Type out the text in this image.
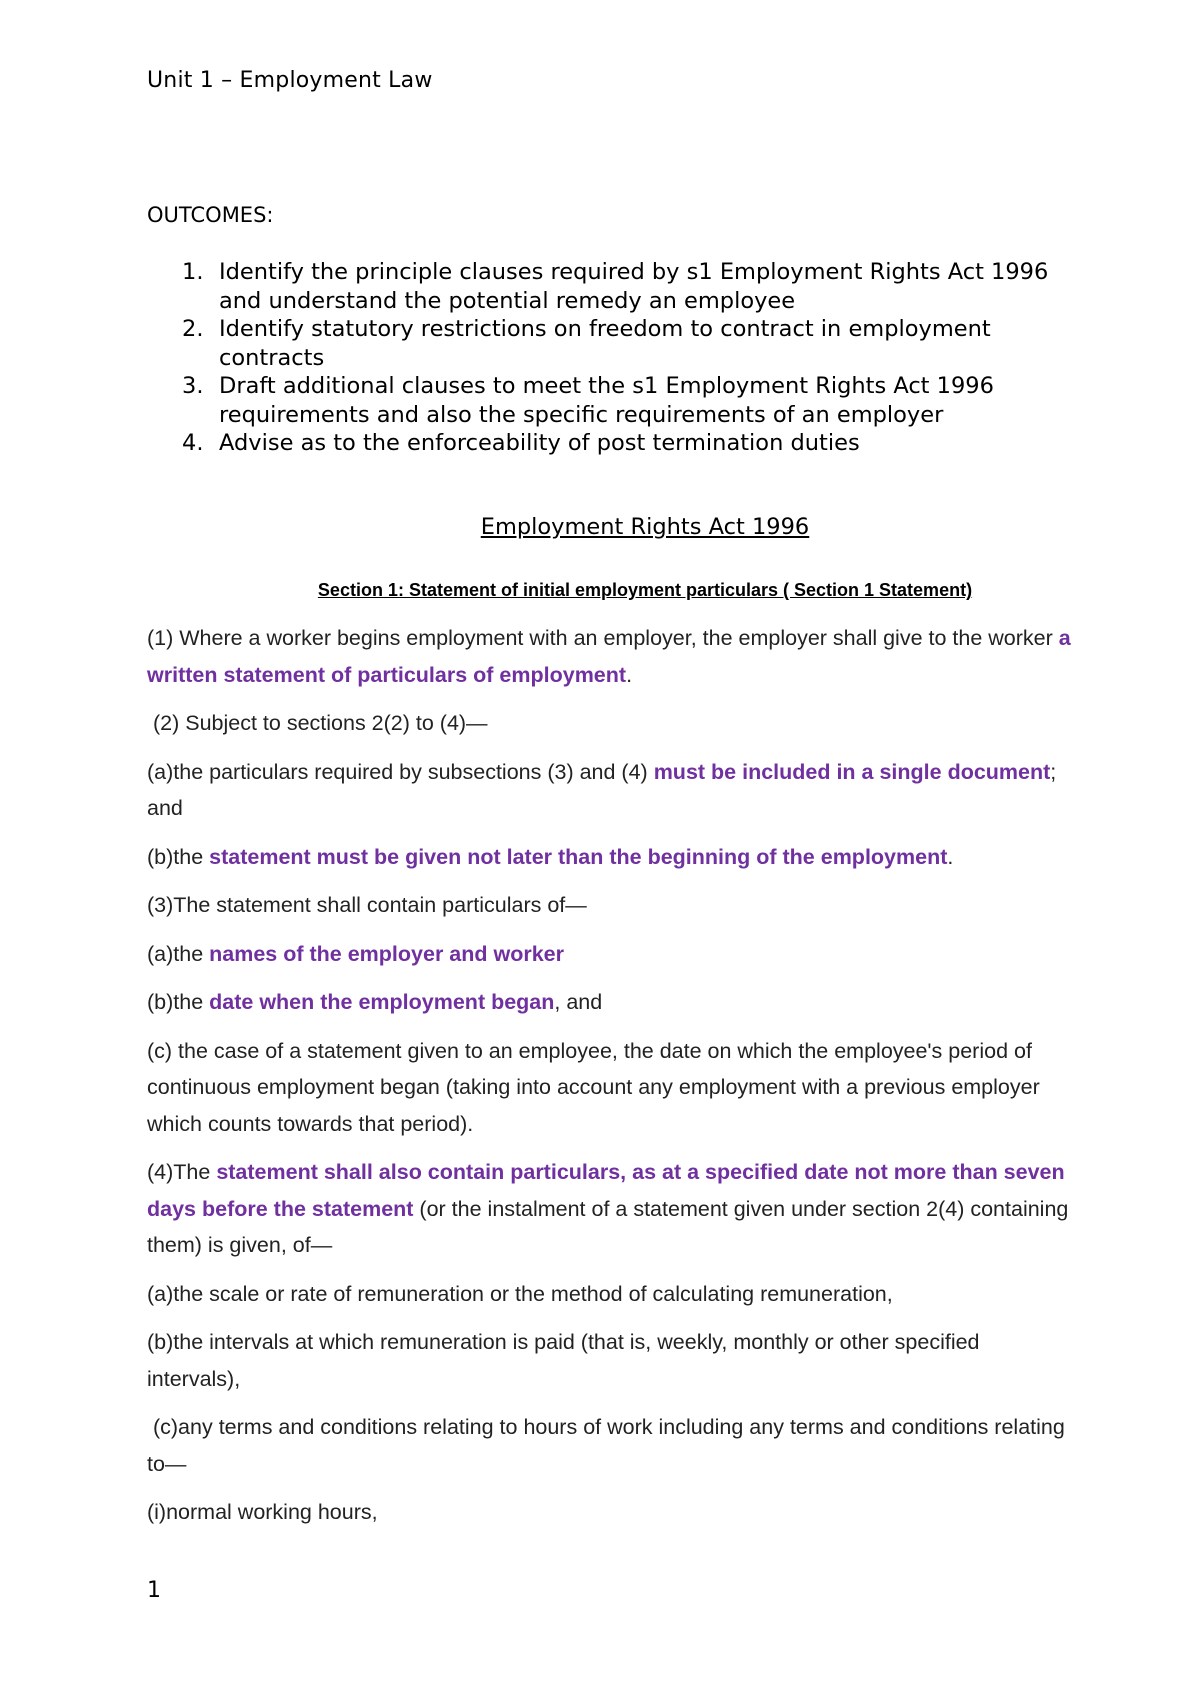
Unit 1 – Employment Law
OUTCOMES:
1. Identify the principle clauses required by s1 Employment Rights Act 1996 and understand the potential remedy an employee
2. Identify statutory restrictions on freedom to contract in employment contracts
3. Draft additional clauses to meet the s1 Employment Rights Act 1996 requirements and also the specific requirements of an employer
4. Advise as to the enforceability of post termination duties
Employment Rights Act 1996
Section 1: Statement of initial employment particulars ( Section 1 Statement)

(1) Where a worker begins employment with an employer, the employer shall give to the worker a written statement of particulars of employment.

(2) Subject to sections 2(2) to (4)—

(a)the particulars required by subsections (3) and (4) must be included in a single document; and

(b)the statement must be given not later than the beginning of the employment.

(3)The statement shall contain particulars of—

(a)the names of the employer and worker

(b)the date when the employment began, and

(c) the case of a statement given to an employee, the date on which the employee's period of continuous employment began (taking into account any employment with a previous employer which counts towards that period).

(4)The statement shall also contain particulars, as at a specified date not more than seven days before the statement (or the instalment of a statement given under section 2(4) containing them) is given, of—

(a)the scale or rate of remuneration or the method of calculating remuneration,

(b)the intervals at which remuneration is paid (that is, weekly, monthly or other specified intervals),

(c)any terms and conditions relating to hours of work including any terms and conditions relating to—

(i)normal working hours,

1
